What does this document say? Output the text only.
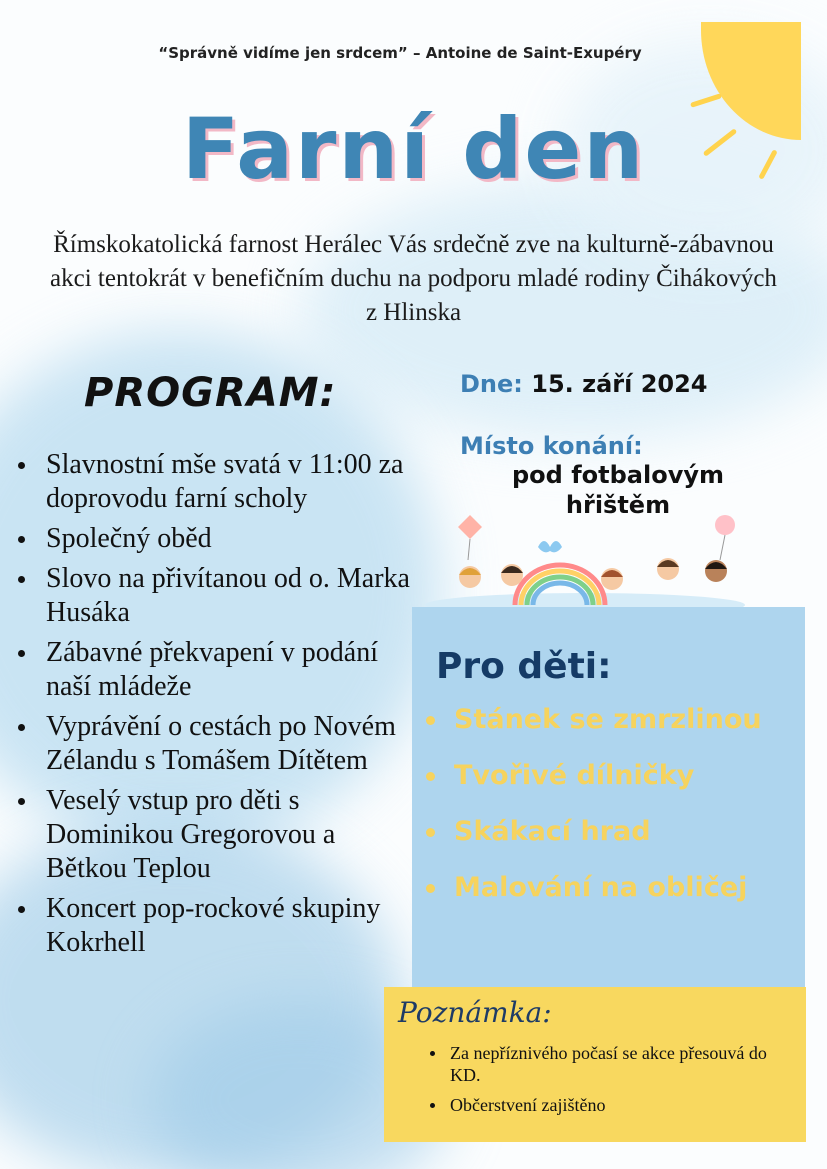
“Správně vidíme jen srdcem” – Antoine de Saint-Exupéry
Farní den
Římskokatolická farnost Herálec Vás srdečně zve na kulturně-zábavnou akci tentokrát v benefičním duchu na podporu mladé rodiny Čihákových z Hlinska
PROGRAM:
Slavnostní mše svatá v 11:00 za doprovodu farní scholy
Společný oběd
Slovo na přivítanou od o. Marka Husáka
Zábavné překvapení v podání naší mládeže
Vyprávění o cestách po Novém Zélandu s Tomášem Dítětem
Veselý vstup pro děti s Dominikou Gregorovou a Bětkou Teplou
Koncert pop-rockové skupiny Kokrhell
Dne: 15. září 2024
Místo konání:
pod fotbalovým hřištěm
Pro děti:
Stánek se zmrzlinou
Tvořivé dílničky
Skákací hrad
Malování na obličej
Poznámka:
Za nepříznivého počasí se akce přesouvá do KD.
Občerstvení zajištěno
